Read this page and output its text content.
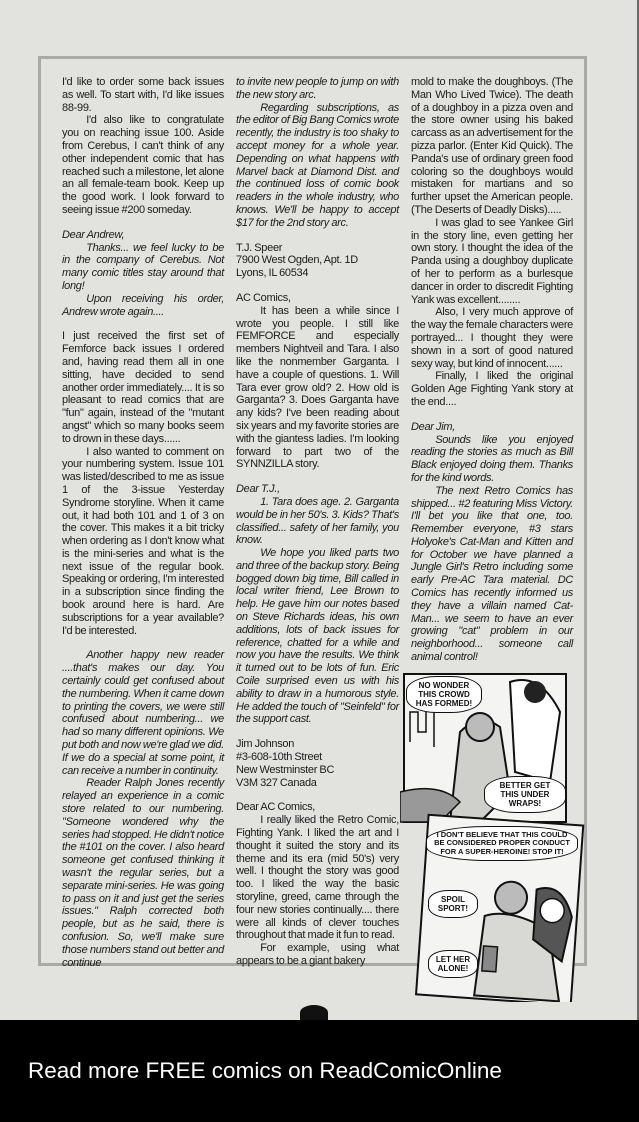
I'd like to order some back issues as well. To start with, I'd like issues 88-99.

I'd also like to congratulate you on reaching issue 100. Aside from Cerebus, I can't think of any other independent comic that has reached such a milestone, let alone an all female-team book. Keep up the good work. I look forward to seeing issue #200 someday.

Dear Andrew,

Thanks... we feel lucky to be in the company of Cerebus. Not many comic titles stay around that long!

Upon receiving his order, Andrew wrote again....

I just received the first set of Femforce back issues I ordered and, having read them all in one sitting, have decided to send another order immediately.... It is so pleasant to read comics that are "fun" again, instead of the "mutant angst" which so many books seem to drown in these days......

I also wanted to comment on your numbering system. Issue 101 was listed/described to me as issue 1 of the 3-issue Yesterday Syndrome storyline. When it came out, it had both 101 and 1 of 3 on the cover. This makes it a bit tricky when ordering as I don't know what is the mini-series and what is the next issue of the regular book. Speaking or ordering, I'm interested in a subscription since finding the book around here is hard. Are subscriptions for a year available? I'd be interested.

Another happy new reader ....that's makes our day. You certainly could get confused about the numbering. When it came down to printing the covers, we were still confused about numbering... we had so many different opinions. We put both and now we're glad we did. If we do a special at some point, it can receive a number in continuity.

Reader Ralph Jones recently relayed an experience in a comic store related to our numbering. "Someone wondered why the series had stopped. He didn't notice the #101 on the cover. I also heard someone get confused thinking it wasn't the regular series, but a separate mini-series. He was going to pass on it and just get the series issues." Ralph corrected both people, but as he said, there is confusion. So, we'll make sure those numbers stand out better and continue

to invite new people to jump on with the new story arc.

Regarding subscriptions, as the editor of Big Bang Comics wrote recently, the industry is too shaky to accept money for a whole year. Depending on what happens with Marvel back at Diamond Dist. and the continued loss of comic book readers in the whole industry, who knows. We'll be happy to accept $17 for the 2nd story arc.

T.J. Speer

7900 West Ogden, Apt. 1D

Lyons, IL 60534

AC Comics,

It has been a while since I wrote you people. I still like FEMFORCE and especially members Nightveil and Tara. I also like the nonmember Garganta. I have a couple of questions. 1. Will Tara ever grow old? 2. How old is Garganta? 3. Does Garganta have any kids? I've been reading about six years and my favorite stories are with the giantess ladies. I'm looking forward to part two of the SYNNZILLA story.

Dear T.J.,

1. Tara does age. 2. Garganta would be in her 50's. 3. Kids? That's classified... safety of her family, you know.

We hope you liked parts two and three of the backup story. Being bogged down big time, Bill called in local writer friend, Lee Brown to help. He gave him our notes based on Steve Richards ideas, his own additions, lots of back issues for reference, chatted for a while and now you have the results. We think it turned out to be lots of fun. Eric Coile surprised even us with his ability to draw in a humorous style. He added the touch of "Seinfeld" for the support cast.

Jim Johnson

#3-608-10th Street

New Westminster BC

V3M 327 Canada

Dear AC Comics,

I really liked the Retro Comic, Fighting Yank. I liked the art and I thought it suited the story and its theme and its era (mid 50's) very well. I thought the story was good too. I liked the way the basic storyline, greed, came through the four new stories continually.... there were all kinds of clever touches throughout that made it fun to read.

For example, using what appears to be a giant bakery

mold to make the doughboys. (The Man Who Lived Twice). The death of a doughboy in a pizza oven and the store owner using his baked carcass as an advertisement for the pizza parlor. (Enter Kid Quick). The Panda's use of ordinary green food coloring so the doughboys would mistaken for martians and so further upset the American people. (The Deserts of Deadly Disks).....

I was glad to see Yankee Girl in the story line, even getting her own story. I thought the idea of the Panda using a doughboy duplicate of her to perform as a burlesque dancer in order to discredit Fighting Yank was excellent........

Also, I very much approve of the way the female characters were portrayed... I thought they were shown in a sort of good natured sexy way, but kind of innocent......

Finally, I liked the original Golden Age Fighting Yank story at the end....

Dear Jim,

Sounds like you enjoyed reading the stories as much as Bill Black enjoyed doing them. Thanks for the kind words.

The next Retro Comics has shipped... #2 featuring Miss Victory. I'll bet you like that one, too. Remember everyone, #3 stars Holyoke's Cat-Man and Kitten and for October we have planned a Jungle Girl's Retro including some early Pre-AC Tara material. DC Comics has recently informed us they have a villain named Cat-Man... we seem to have an ever growing "cat" problem in our neighborhood... someone call animal control!

NO WONDER THIS CROWD HAS FORMED!
BETTER GET THIS UNDER WRAPS!
I DON'T BELIEVE THAT THIS COULD BE CONSIDERED PROPER CONDUCT FOR A SUPER-HEROINE! STOP IT!
SPOIL SPORT!
LET HER ALONE!
Read more FREE comics on ReadComicOnline
